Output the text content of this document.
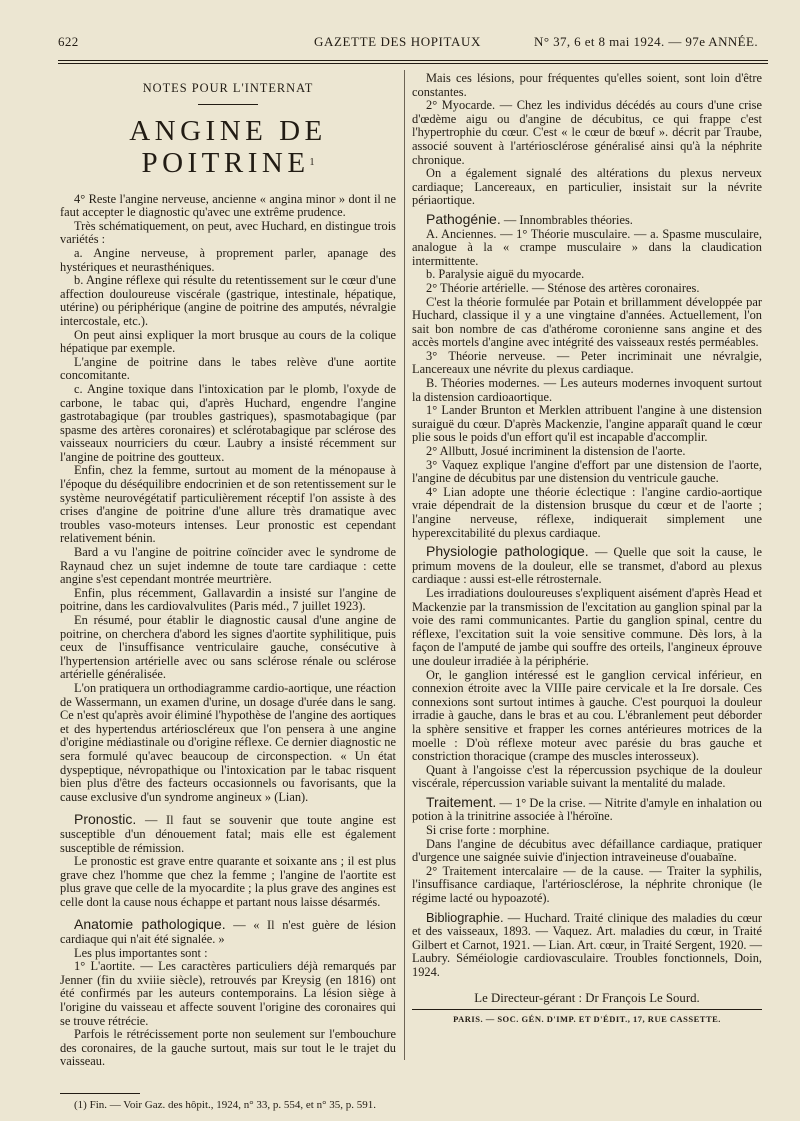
622	GAZETTE DES HOPITAUX	N° 37, 6 et 8 mai 1924. — 97e ANNÉE.

NOTES POUR L'INTERNAT

ANGINE DE POITRINE$^1$

4° Reste l'angine nerveuse, ancienne « angina minor » dont il ne faut accepter le diagnostic qu'avec une extrême prudence.

Très schématiquement, on peut, avec Huchard, en distingue trois variétés :

a. Angine nerveuse, à proprement parler, apanage des hystériques et neurasthéniques.

b. Angine réflexe qui résulte du retentissement sur le cœur d'une affection douloureuse viscérale (gastrique, intestinale, hépatique, utérine) ou périphérique (angine de poitrine des amputés, névralgie intercostale, etc.).

On peut ainsi expliquer la mort brusque au cours de la colique hépatique par exemple.

L'angine de poitrine dans le tabes relève d'une aortite concomitante.

c. Angine toxique dans l'intoxication par le plomb, l'oxyde de carbone, le tabac qui, d'après Huchard, engendre l'angine gastrotabagique (par troubles gastriques), spasmotabagique (par spasme des artères coronaires) et sclérotabagique par sclérose des vaisseaux nourriciers du cœur. Laubry a insisté récemment sur l'angine de poitrine des goutteux.

Enfin, chez la femme, surtout au moment de la ménopause à l'époque du déséquilibre endocrinien et de son retentissement sur le système neurovégétatif particulièrement réceptif l'on assiste à des crises d'angine de poitrine d'une allure très dramatique avec troubles vaso-moteurs intenses. Leur pronostic est cependant relativement bénin.

Bard a vu l'angine de poitrine coïncider avec le syndrome de Raynaud chez un sujet indemne de toute tare cardiaque : cette angine s'est cependant montrée meurtrière.

Enfin, plus récemment, Gallavardin a insisté sur l'angine de poitrine, dans les cardiovalvulites (Paris méd., 7 juillet 1923).

En résumé, pour établir le diagnostic causal d'une angine de poitrine, on cherchera d'abord les signes d'aortite syphilitique, puis ceux de l'insuffisance ventriculaire gauche, consécutive à l'hypertension artérielle avec ou sans sclérose rénale ou sclérose artérielle généralisée.

L'on pratiquera un orthodiagramme cardio-aortique, une réaction de Wassermann, un examen d'urine, un dosage d'urée dans le sang. Ce n'est qu'après avoir éliminé l'hypothèse de l'angine des aortiques et des hypertendus artérioscléreux que l'on pensera à une angine d'origine médiastinale ou d'origine réflexe. Ce dernier diagnostic ne sera formulé qu'avec beaucoup de circonspection. « Un état dyspeptique, névropathique ou l'intoxication par le tabac risquent bien plus d'être des facteurs occasionnels ou favorisants, que la cause exclusive d'un syndrome angineux » (Lian).

Pronostic. — Il faut se souvenir que toute angine est susceptible d'un dénouement fatal; mais elle est également susceptible de rémission.

Le pronostic est grave entre quarante et soixante ans ; il est plus grave chez l'homme que chez la femme ; l'angine de l'aortite est plus grave que celle de la myocardite ; la plus grave des angines est celle dont la cause nous échappe et partant nous laisse désarmés.

Anatomie pathologique. — « Il n'est guère de lésion cardiaque qui n'ait été signalée. »

Les plus importantes sont :

1° L'aortite. — Les caractères particuliers déjà remarqués par Jenner (fin du xviiie siècle), retrouvés par Kreysig (en 1816) ont été confirmés par les auteurs contemporains. La lésion siège à l'origine du vaisseau et affecte souvent l'origine des coronaires qui se trouve rétrécie.

Parfois le rétrécissement porte non seulement sur l'embouchure des coronaires, de la gauche surtout, mais sur tout le le trajet du vaisseau.

(1) Fin. — Voir Gaz. des hôpit., 1924, n° 33, p. 554, et n° 35, p. 591.

Mais ces lésions, pour fréquentes qu'elles soient, sont loin d'être constantes.

2° Myocarde. — Chez les individus décédés au cours d'une crise d'œdème aigu ou d'angine de décubitus, ce qui frappe c'est l'hypertrophie du cœur. C'est « le cœur de bœuf ». décrit par Traube, associé souvent à l'artériosclérose généralisé ainsi qu'à la néphrite chronique.

On a également signalé des altérations du plexus nerveux cardiaque; Lancereaux, en particulier, insistait sur la névrite périaortique.

Pathogénie. — Innombrables théories.

A. Anciennes. — 1° Théorie musculaire. — a. Spasme musculaire, analogue à la « crampe musculaire » dans la claudication intermittente.

b. Paralysie aiguë du myocarde.

2° Théorie artérielle. — Sténose des artères coronaires.

C'est la théorie formulée par Potain et brillamment développée par Huchard, classique il y a une vingtaine d'années. Actuellement, l'on sait bon nombre de cas d'athérome coronienne sans angine et des accès mortels d'angine avec intégrité des vaisseaux restés perméables.

3° Théorie nerveuse. — Peter incriminait une névralgie, Lancereaux une névrite du plexus cardiaque.

B. Théories modernes. — Les auteurs modernes invoquent surtout la distension cardioaortique.

1° Lander Brunton et Merklen attribuent l'angine à une distension suraiguë du cœur. D'après Mackenzie, l'angine apparaît quand le cœur plie sous le poids d'un effort qu'il est incapable d'accomplir.

2° Allbutt, Josué incriminent la distension de l'aorte.

3° Vaquez explique l'angine d'effort par une distension de l'aorte, l'angine de décubitus par une distension du ventricule gauche.

4° Lian adopte une théorie éclectique : l'angine cardio-aortique vraie dépendrait de la distension brusque du cœur et de l'aorte ; l'angine nerveuse, réflexe, indiquerait simplement une hyperexcitabilité du plexus cardiaque.

Physiologie pathologique. — Quelle que soit la cause, le primum movens de la douleur, elle se transmet, d'abord au plexus cardiaque : aussi est-elle rétrosternale.

Les irradiations douloureuses s'expliquent aisément d'après Head et Mackenzie par la transmission de l'excitation au ganglion spinal par la voie des rami communicantes. Partie du ganglion spinal, centre du réflexe, l'excitation suit la voie sensitive commune. Dès lors, à la façon de l'amputé de jambe qui souffre des orteils, l'angineux éprouve une douleur irradiée à la périphérie.

Or, le ganglion intéressé est le ganglion cervical inférieur, en connexion étroite avec la VIIIe paire cervicale et la Ire dorsale. Ces connexions sont surtout intimes à gauche. C'est pourquoi la douleur irradie à gauche, dans le bras et au cou. L'ébranlement peut déborder la sphère sensitive et frapper les cornes antérieures motrices de la moelle : D'où réflexe moteur avec parésie du bras gauche et constriction thoracique (crampe des muscles interosseux).

Quant à l'angoisse c'est la répercussion psychique de la douleur viscérale, répercussion variable suivant la mentalité du malade.

Traitement. — 1° De la crise. — Nitrite d'amyle en inhalation ou potion à la trinitrine associée à l'héroïne.

Si crise forte : morphine.

Dans l'angine de décubitus avec défaillance cardiaque, pratiquer d'urgence une saignée suivie d'injection intraveineuse d'ouabaïne.

2° Traitement intercalaire — de la cause. — Traiter la syphilis, l'insuffisance cardiaque, l'artériosclérose, la néphrite chronique (le régime lacté ou hypoazoté).

Bibliographie. — Huchard. Traité clinique des maladies du cœur et des vaisseaux, 1893. — Vaquez. Art. maladies du cœur, in Traité Gilbert et Carnot, 1921. — Lian. Art. cœur, in Traité Sergent, 1920. — Laubry. Séméiologie cardiovasculaire. Troubles fonctionnels, Doin, 1924.

Le Directeur-gérant : Dr François Le Sourd.

PARIS. — SOC. GÉN. D'IMP. ET D'ÉDIT., 17, RUE CASSETTE.
